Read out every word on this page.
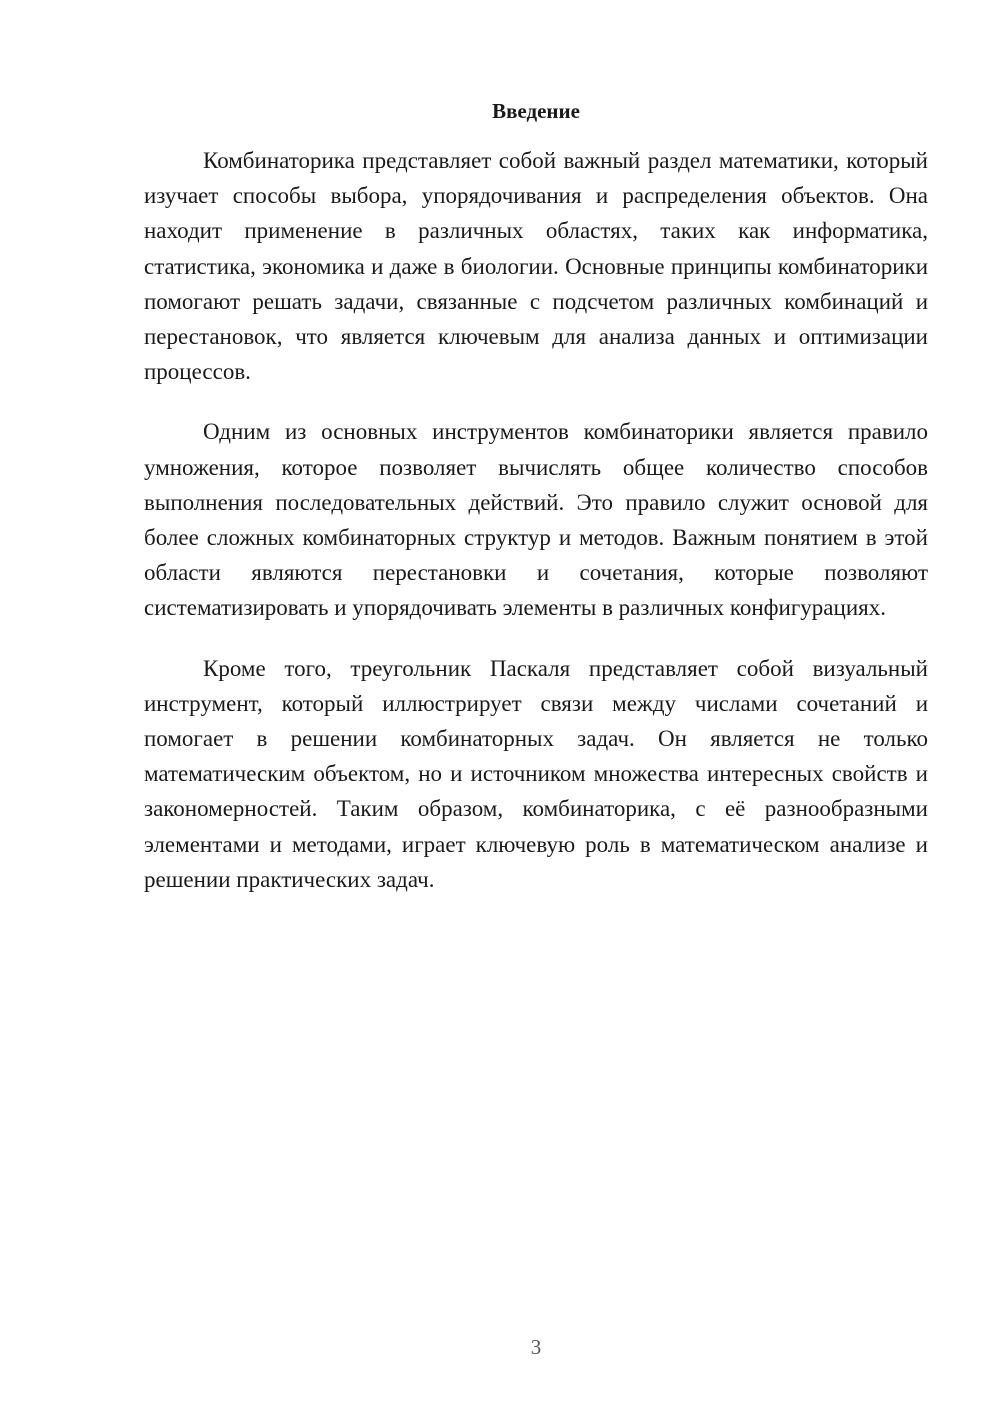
Введение

Комбинаторика представляет собой важный раздел математики, который изучает способы выбора, упорядочивания и распределения объектов. Она находит применение в различных областях, таких как информатика, статистика, экономика и даже в биологии. Основные принципы комбинаторики помогают решать задачи, связанные с подсчетом различных комбинаций и перестановок, что является ключевым для анализа данных и оптимизации процессов.

Одним из основных инструментов комбинаторики является правило умножения, которое позволяет вычислять общее количество способов выполнения последовательных действий. Это правило служит основой для более сложных комбинаторных структур и методов. Важным понятием в этой области являются перестановки и сочетания, которые позволяют систематизировать и упорядочивать элементы в различных конфигурациях.

Кроме того, треугольник Паскаля представляет собой визуальный инструмент, который иллюстрирует связи между числами сочетаний и помогает в решении комбинаторных задач. Он является не только математическим объектом, но и источником множества интересных свойств и закономерностей. Таким образом, комбинаторика, с её разнообразными элементами и методами, играет ключевую роль в математическом анализе и решении практических задач.

3
